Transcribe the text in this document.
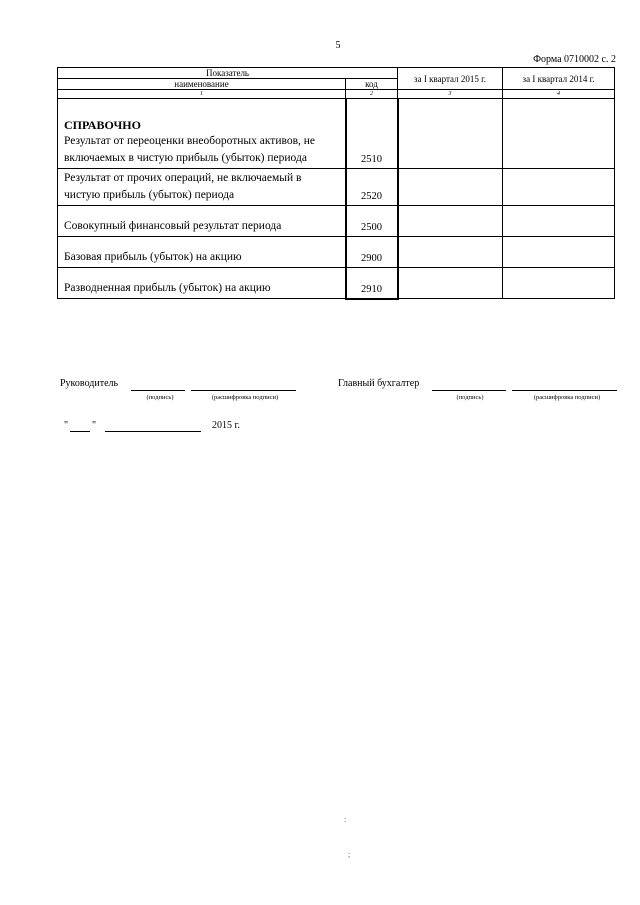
5
Форма 0710002 с. 2
Показатель		за I квартал 2015 г.	за I квартал 2014 г.
наименование	код		
1	2	3	4

СПРАВОЧНО
Результат от переоценки внеоборотных активов, не включаемых в чистую прибыль (убыток) периода	2510		
Результат от прочих операций, не включаемый в чистую прибыль (убыток) периода	2520		
Совокупный финансовый результат периода	2500		
Базовая прибыль (убыток) на акцию	2900		
Разводненная прибыль (убыток) на акцию	2910		
Руководитель
(подпись)	(расшифровка подписи)
Главный бухгалтер
(подпись)	(расшифровка подписи)
" "	2015 г.
:
;
